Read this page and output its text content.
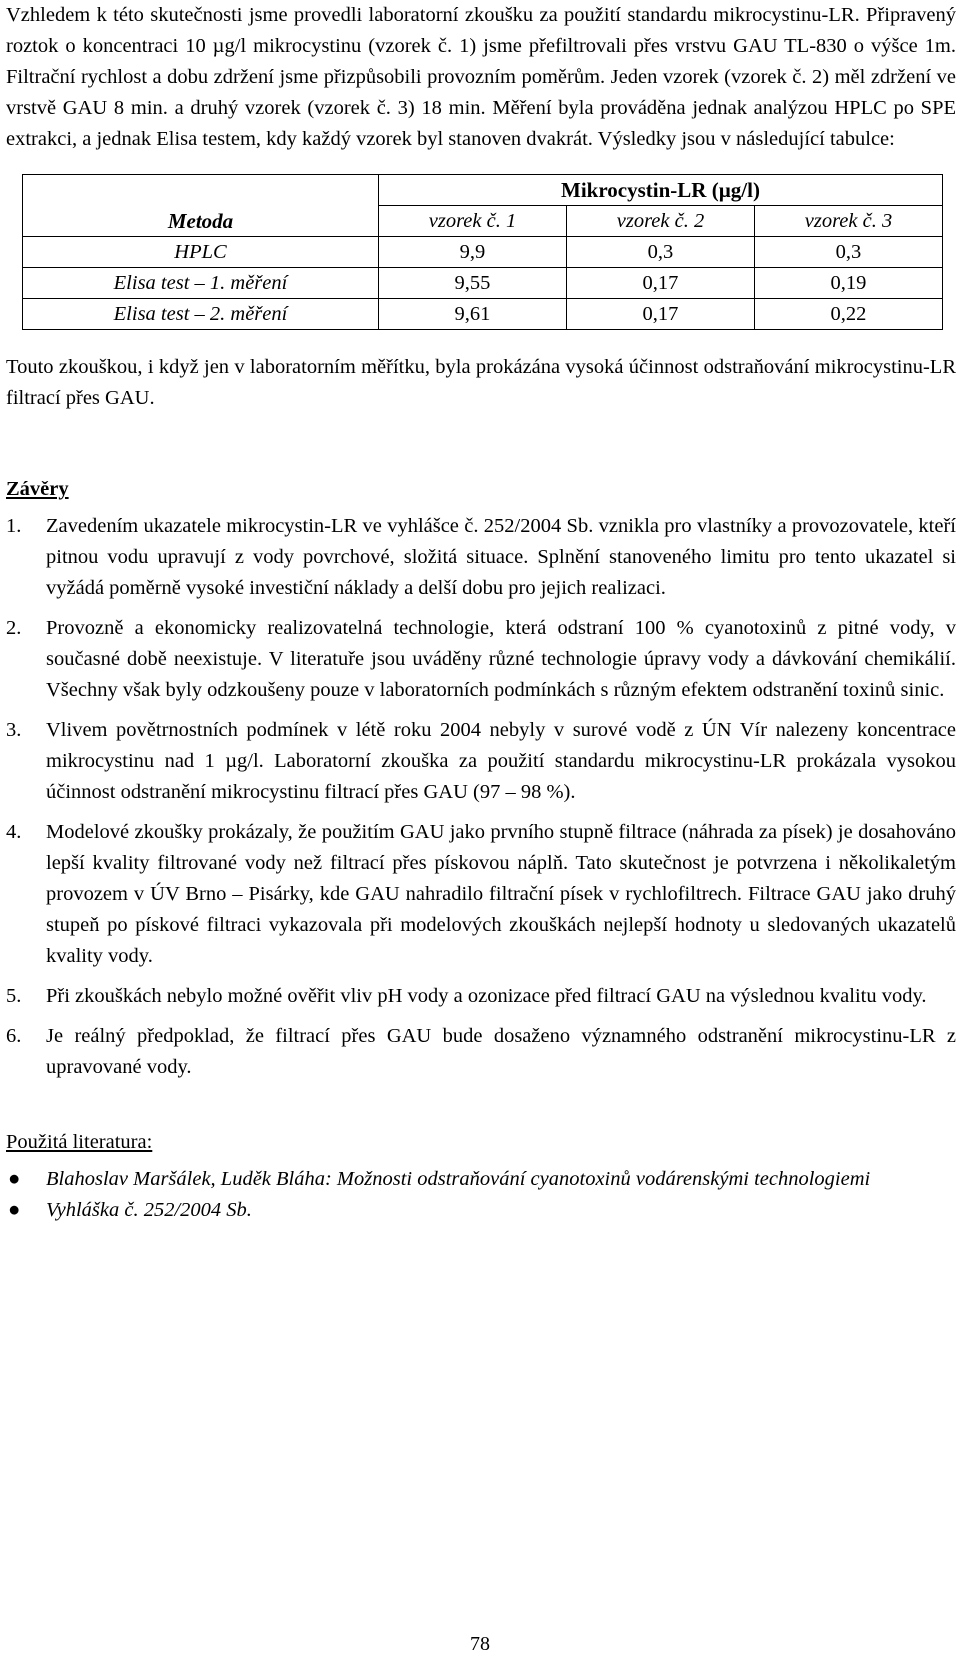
Vzhledem k této skutečnosti jsme provedli laboratorní zkoušku za použití standardu mikrocystinu-LR. Připravený roztok o koncentraci 10 µg/l mikrocystinu (vzorek č. 1) jsme přefiltrovali přes vrstvu GAU TL-830 o výšce 1m. Filtrační rychlost a dobu zdržení jsme přizpůsobili provozním poměrům. Jeden vzorek (vzorek č. 2) měl zdržení ve vrstvě GAU 8 min. a druhý vzorek (vzorek č. 3) 18 min. Měření byla prováděna jednak analýzou HPLC po SPE extrakci, a jednak Elisa testem, kdy každý vzorek byl stanoven dvakrát. Výsledky jsou v následující tabulce:

	Mikrocystin-LR (µg/l)		
Metoda	vzorek č. 1	vzorek č. 2	vzorek č. 3
HPLC	9,9	0,3	0,3
Elisa test – 1. měření	9,55	0,17	0,19
Elisa test – 2. měření	9,61	0,17	0,22

Touto zkouškou, i když jen v laboratorním měřítku, byla prokázána vysoká účinnost odstraňování mikrocystinu-LR filtrací přes GAU.

Závěry

1. Zavedením ukazatele mikrocystin-LR ve vyhlášce č. 252/2004 Sb. vznikla pro vlastníky a provozovatele, kteří pitnou vodu upravují z vody povrchové, složitá situace. Splnění stanoveného limitu pro tento ukazatel si vyžádá poměrně vysoké investiční náklady a delší dobu pro jejich realizaci.
2. Provozně a ekonomicky realizovatelná technologie, která odstraní 100 % cyanotoxinů z pitné vody, v současné době neexistuje. V literatuře jsou uváděny různé technologie úpravy vody a dávkování chemikálií. Všechny však byly odzkoušeny pouze v laboratorních podmínkách s různým efektem odstranění toxinů sinic.
3. Vlivem povětrnostních podmínek v létě roku 2004 nebyly v surové vodě z ÚN Vír nalezeny koncentrace mikrocystinu nad 1 µg/l. Laboratorní zkouška za použití standardu mikrocystinu-LR prokázala vysokou účinnost odstranění mikrocystinu filtrací přes GAU (97 – 98 %).
4. Modelové zkoušky prokázaly, že použitím GAU jako prvního stupně filtrace (náhrada za písek) je dosahováno lepší kvality filtrované vody než filtrací přes pískovou náplň. Tato skutečnost je potvrzena i několikaletým provozem v ÚV Brno – Pisárky, kde GAU nahradilo filtrační písek v rychlofiltrech. Filtrace GAU jako druhý stupeň po pískové filtraci vykazovala při modelových zkouškách nejlepší hodnoty u sledovaných ukazatelů kvality vody.
5. Při zkouškách nebylo možné ověřit vliv pH vody a ozonizace před filtrací GAU na výslednou kvalitu vody.
6. Je reálný předpoklad, že filtrací přes GAU bude dosaženo významného odstranění mikrocystinu-LR z upravované vody.

Použitá literatura:

● Blahoslav Maršálek, Luděk Bláha: Možnosti odstraňování cyanotoxinů vodárenskými technologiemi
● Vyhláška č. 252/2004 Sb.
78
